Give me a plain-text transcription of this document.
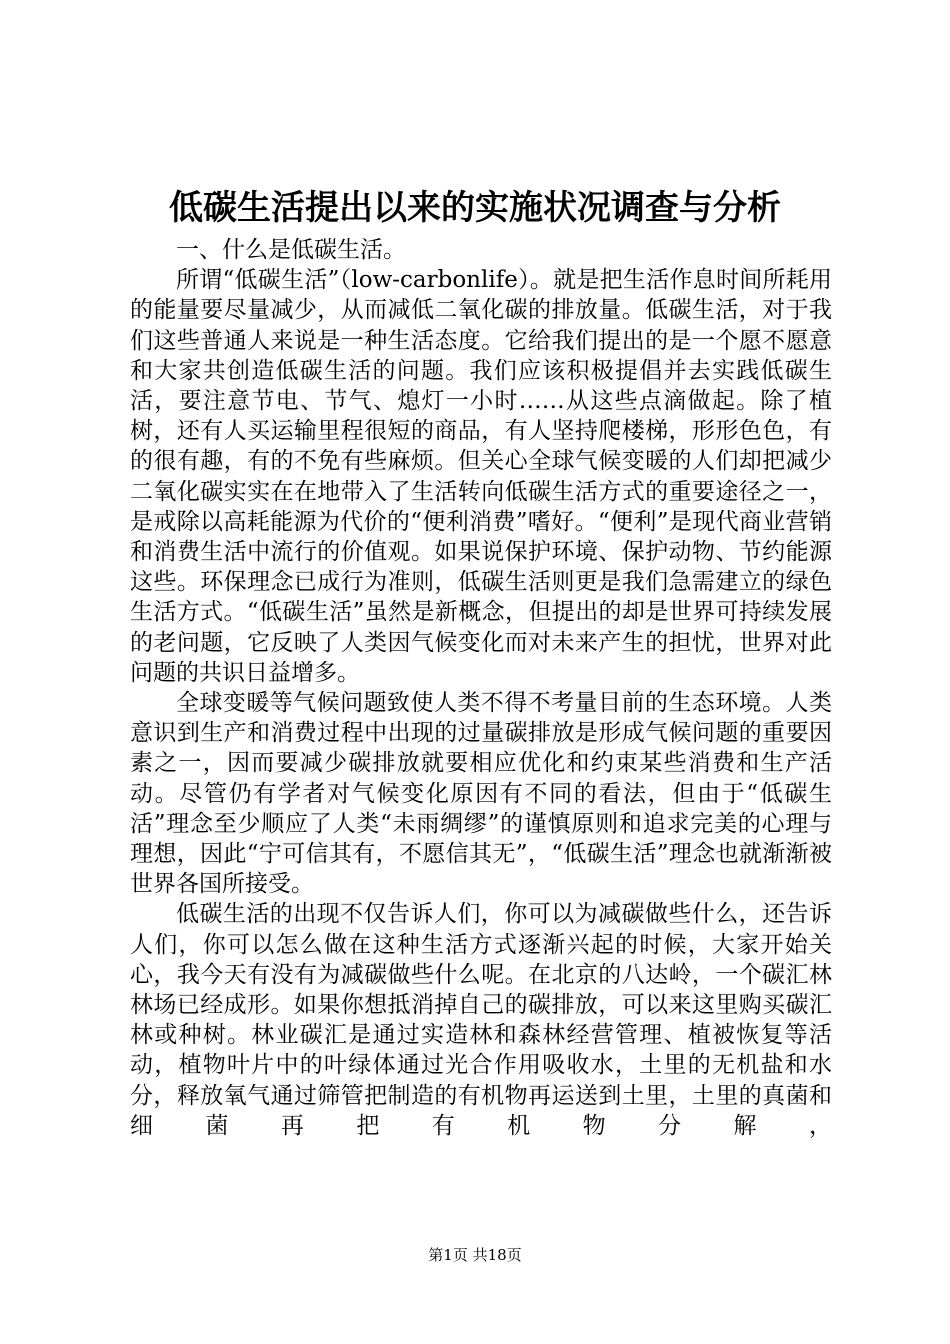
低碳生活提出以来的实施状况调查与分析

一、什么是低碳生活。

所谓“低碳生活”（low-carbonlife）。就是把生活作息时间所耗用的能量要尽量减少，从而减低二氧化碳的排放量。低碳生活，对于我们这些普通人来说是一种生活态度。它给我们提出的是一个愿不愿意和大家共创造低碳生活的问题。我们应该积极提倡并去实践低碳生活，要注意节电、节气、熄灯一小时……从这些点滴做起。除了植树，还有人买运输里程很短的商品，有人坚持爬楼梯，形形色色，有的很有趣，有的不免有些麻烦。但关心全球气候变暖的人们却把减少二氧化碳实实在在地带入了生活转向低碳生活方式的重要途径之一，是戒除以高耗能源为代价的“便利消费”嗜好。“便利”是现代商业营销和消费生活中流行的价值观。如果说保护环境、保护动物、节约能源这些。环保理念已成行为准则，低碳生活则更是我们急需建立的绿色生活方式。“低碳生活”虽然是新概念，但提出的却是世界可持续发展的老问题，它反映了人类因气候变化而对未来产生的担忧，世界对此问题的共识日益增多。

全球变暖等气候问题致使人类不得不考量目前的生态环境。人类意识到生产和消费过程中出现的过量碳排放是形成气候问题的重要因素之一，因而要减少碳排放就要相应优化和约束某些消费和生产活动。尽管仍有学者对气候变化原因有不同的看法，但由于“低碳生活”理念至少顺应了人类“未雨绸缪”的谨慎原则和追求完美的心理与理想，因此“宁可信其有，不愿信其无”，“低碳生活”理念也就渐渐被世界各国所接受。

低碳生活的出现不仅告诉人们，你可以为减碳做些什么，还告诉人们，你可以怎么做在这种生活方式逐渐兴起的时候，大家开始关心，我今天有没有为减碳做些什么呢。在北京的八达岭，一个碳汇林林场已经成形。如果你想抵消掉自己的碳排放，可以来这里购买碳汇林或种树。林业碳汇是通过实造林和森林经营管理、植被恢复等活动，植物叶片中的叶绿体通过光合作用吸收水，土里的无机盐和水分，释放氧气通过筛管把制造的有机物再运送到土里，土里的真菌和细菌再把有机物分解，

第1页 共18页
